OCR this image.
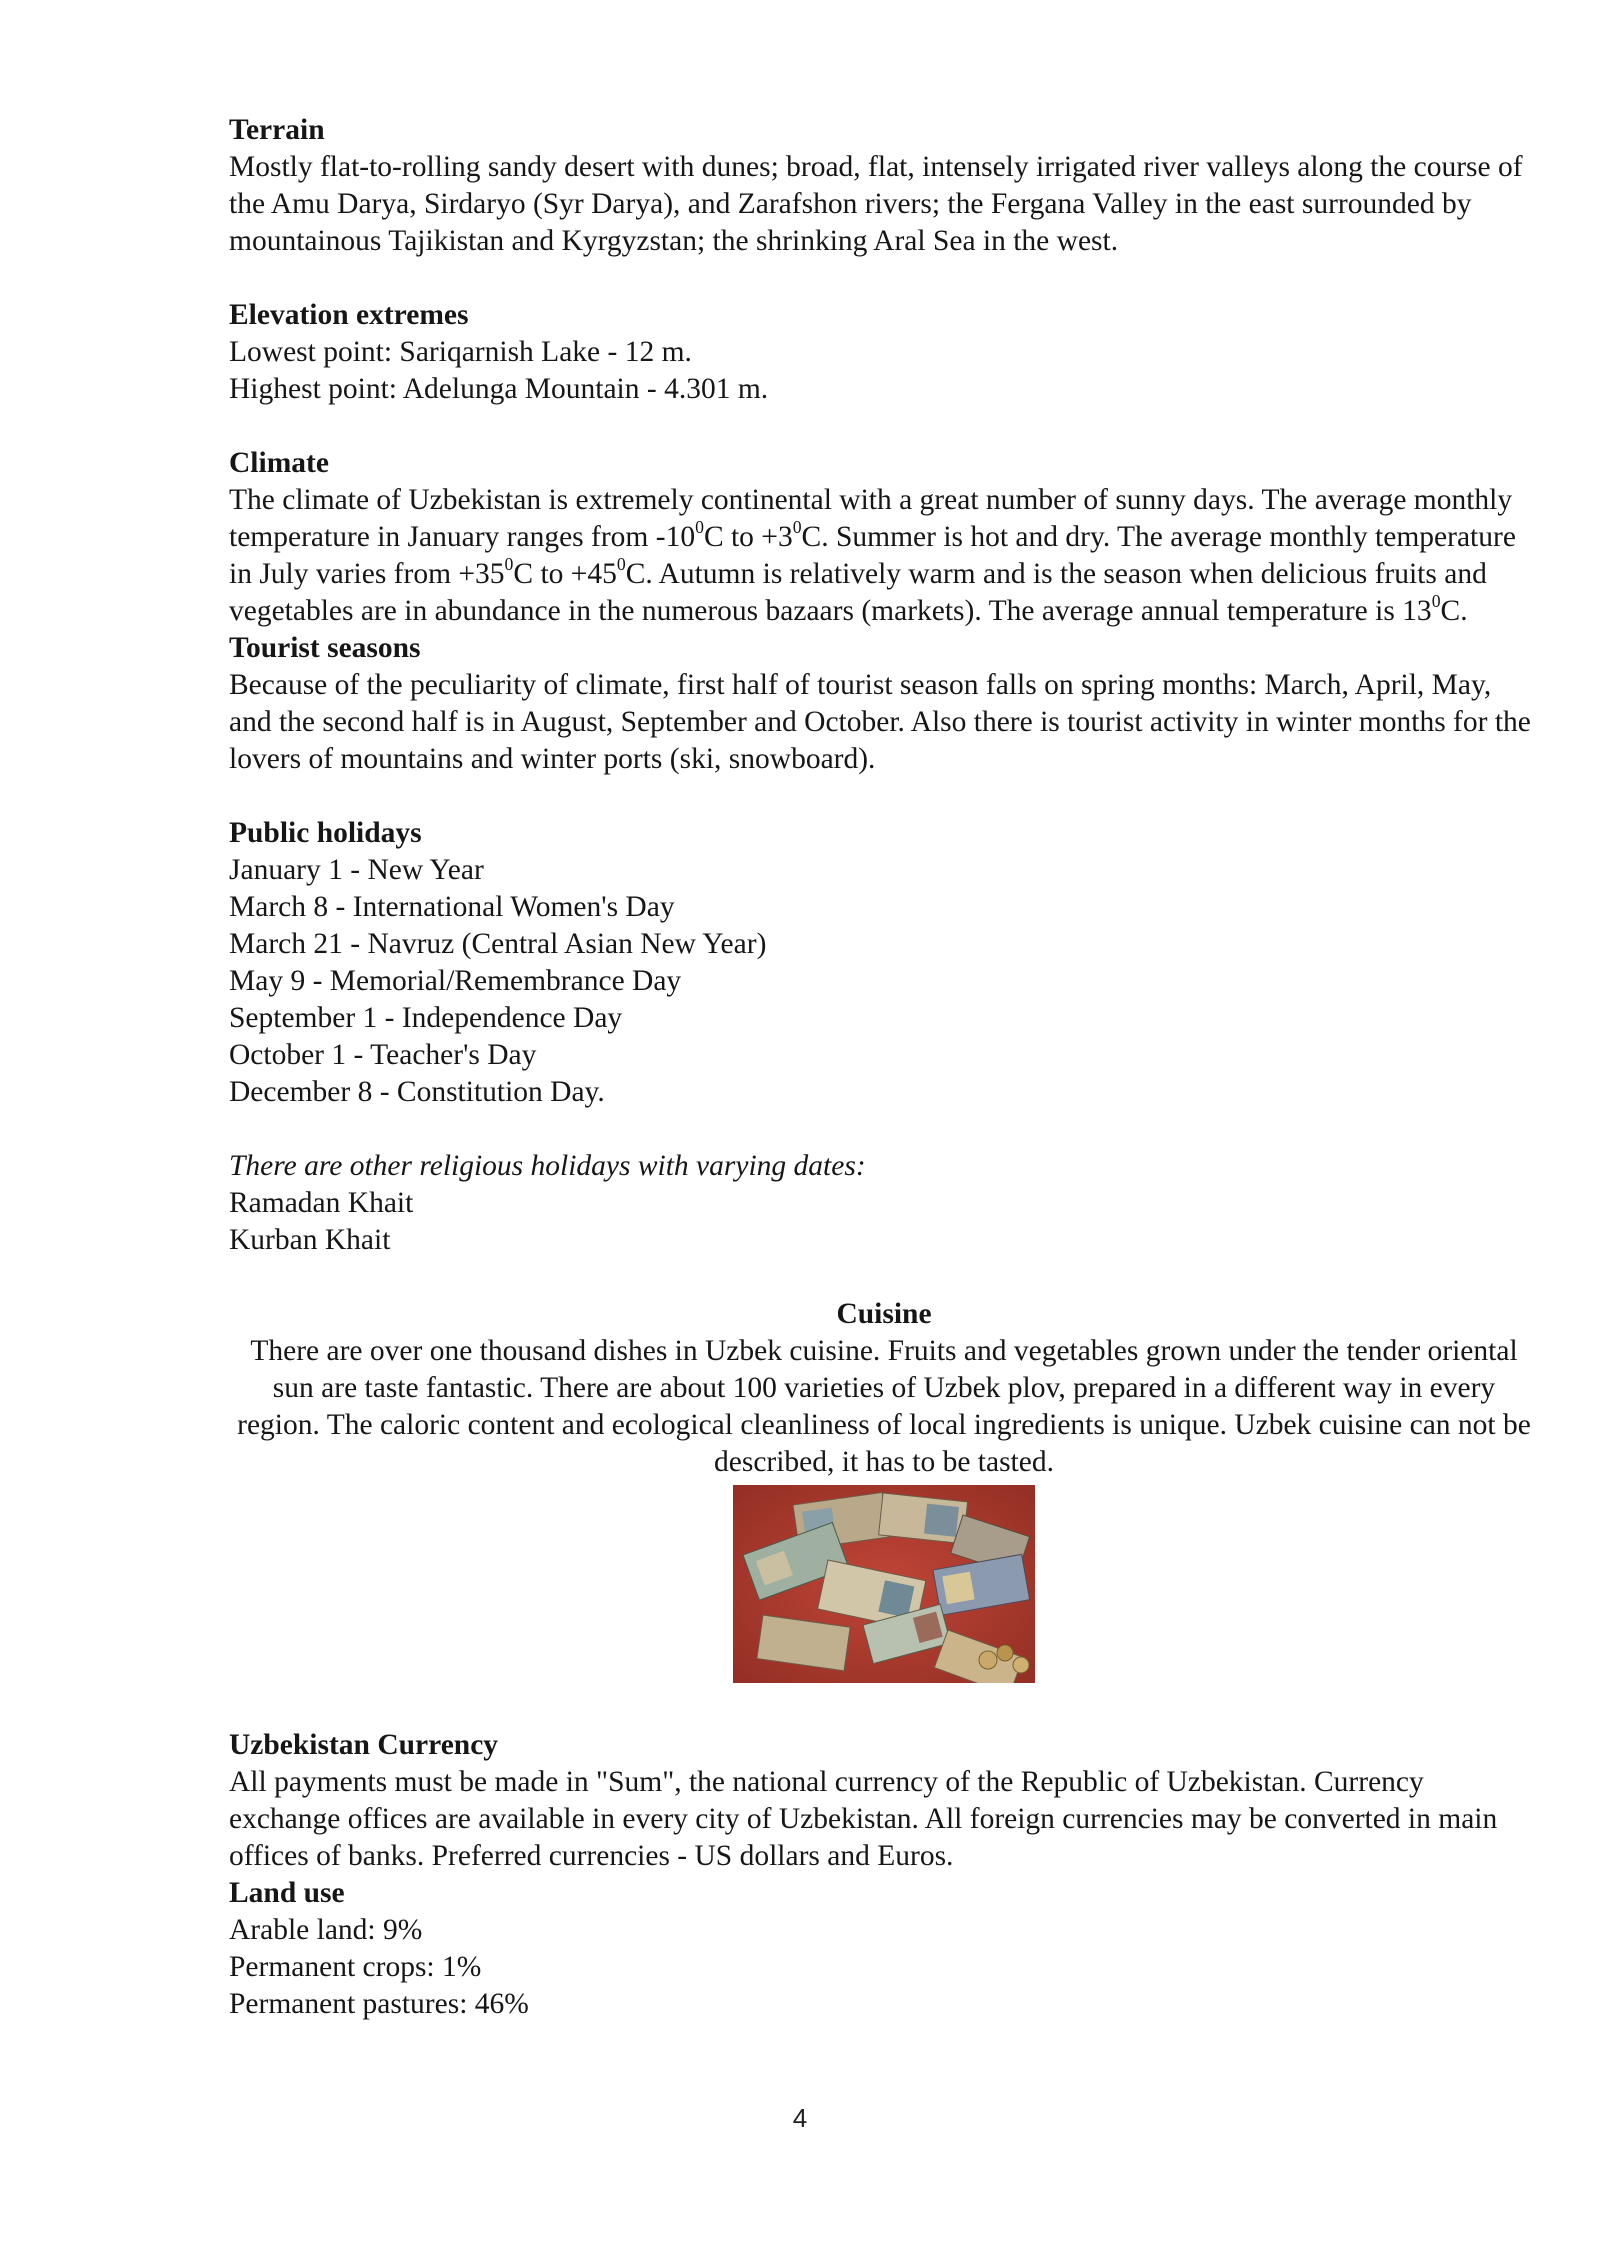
Terrain
Mostly flat-to-rolling sandy desert with dunes; broad, flat, intensely irrigated river valleys along the course of the Amu Darya, Sirdaryo (Syr Darya), and Zarafshon rivers; the Fergana Valley in the east surrounded by mountainous Tajikistan and Kyrgyzstan; the shrinking Aral Sea in the west.
Elevation extremes
Lowest point: Sariqarnish Lake - 12 m.
Highest point: Adelunga Mountain - 4.301 m.
Climate
The climate of Uzbekistan is extremely continental with a great number of sunny days. The average monthly temperature in January ranges from $-10^0C$ to $+3^0C$. Summer is hot and dry. The average monthly temperature in July varies from $+35^0C$ to $+45^0C$. Autumn is relatively warm and is the season when delicious fruits and vegetables are in abundance in the numerous bazaars (markets). The average annual temperature is $13^0C$.
Tourist seasons
Because of the peculiarity of climate, first half of tourist season falls on spring months: March, April, May, and the second half is in August, September and October. Also there is tourist activity in winter months for the lovers of mountains and winter ports (ski, snowboard).
Public holidays
January 1 - New Year
March 8 - International Women's Day
March 21 - Navruz (Central Asian New Year)
May 9 - Memorial/Remembrance Day
September 1 - Independence Day
October 1 - Teacher's Day
December 8 - Constitution Day.
There are other religious holidays with varying dates:
Ramadan Khait
Kurban Khait
Cuisine
There are over one thousand dishes in Uzbek cuisine. Fruits and vegetables grown under the tender oriental sun are taste fantastic. There are about 100 varieties of Uzbek plov, prepared in a different way in every region. The caloric content and ecological cleanliness of local ingredients is unique. Uzbek cuisine can not be described, it has to be tasted.
Uzbekistan Currency
All payments must be made in "Sum", the national currency of the Republic of Uzbekistan. Currency exchange offices are available in every city of Uzbekistan. All foreign currencies may be converted in main offices of banks. Preferred currencies - US dollars and Euros.
Land use
Arable land: 9%
Permanent crops: 1%
Permanent pastures: 46%
4
